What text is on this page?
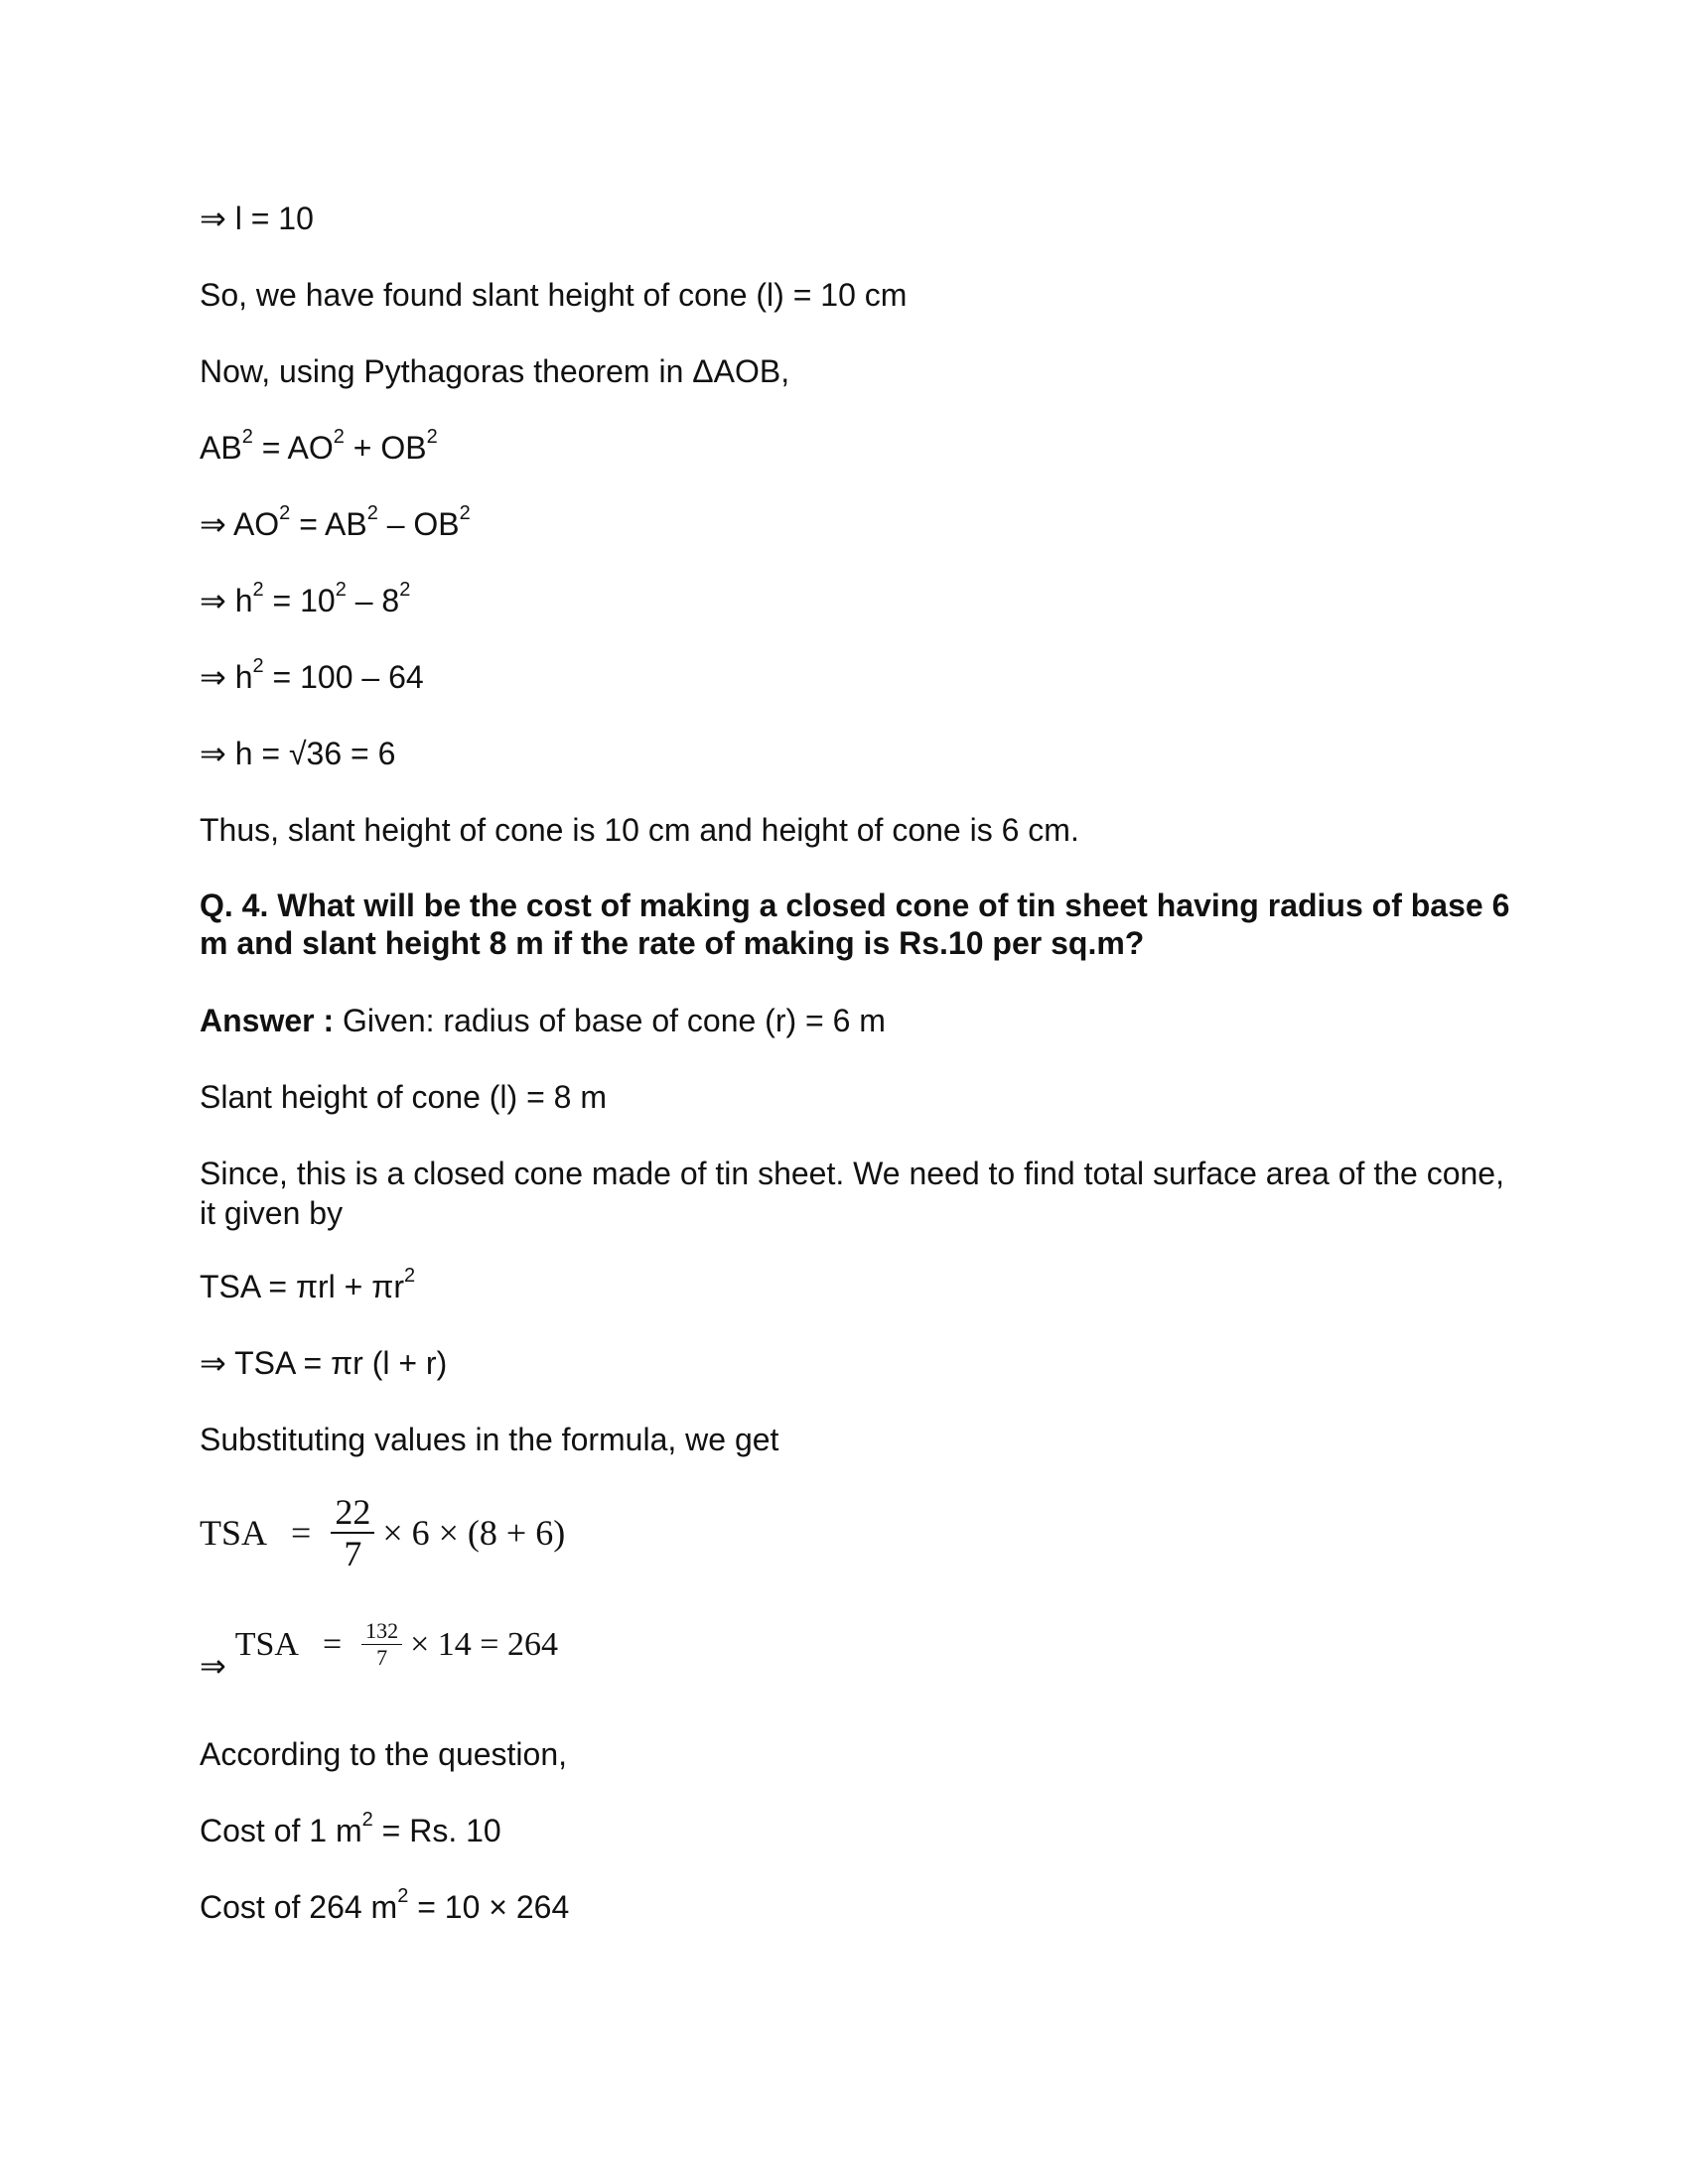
⇒ l = 10
So, we have found slant height of cone (l) = 10 cm
Now, using Pythagoras theorem in ΔAOB,
$AB^2 = AO^2 + OB^2$
⇒ $AO^2 = AB^2 - OB^2$
⇒ $h^2 = 10^2 - 8^2$
⇒ $h^2 = 100 - 64$
⇒ h = √36 = 6
Thus, slant height of cone is 10 cm and height of cone is 6 cm.
Q. 4. What will be the cost of making a closed cone of tin sheet having radius of base 6 m and slant height 8 m if the rate of making is Rs.10 per sq.m?
Answer : Given: radius of base of cone (r) = 6 m
Slant height of cone (l) = 8 m
Since, this is a closed cone made of tin sheet. We need to find total surface area of the cone, it given by
TSA = $\pi rl + \pi r^2$
⇒ TSA = πr (l + r)
Substituting values in the formula, we get
TSA = $\frac{22}{7} \times 6 \times (8 + 6)$
⇒
TSA = $\frac{132}{7} \times 14 = 264$
According to the question,
Cost of 1 $m^2 = Rs$. 10
Cost of 264 $m^2 = 10 \times 264$
